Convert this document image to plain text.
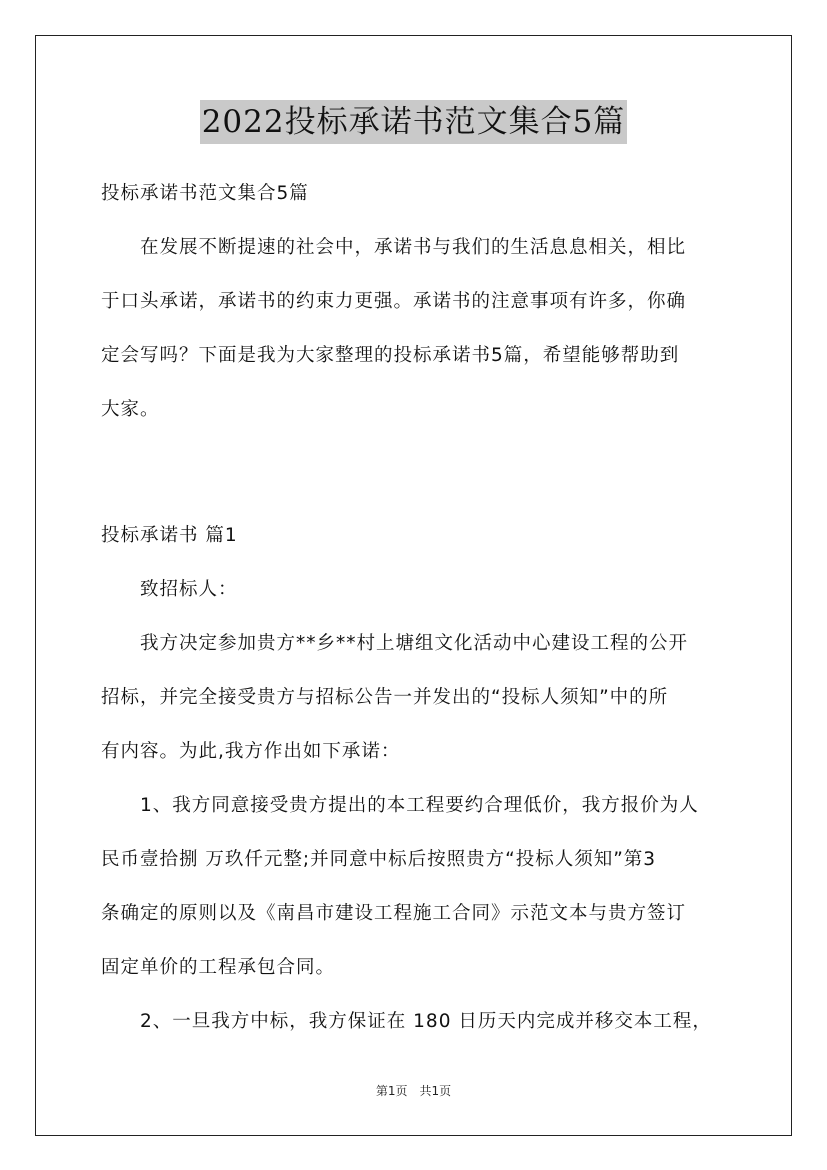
2022投标承诺书范文集合5篇
投标承诺书范文集合5篇
　　在发展不断提速的社会中，承诺书与我们的生活息息相关，相比
于口头承诺，承诺书的约束力更强。承诺书的注意事项有许多，你确
定会写吗？下面是我为大家整理的投标承诺书5篇，希望能够帮助到
大家。
投标承诺书 篇1
　　致招标人：
　　我方决定参加贵方**乡**村上塘组文化活动中心建设工程的公开
招标，并完全接受贵方与招标公告一并发出的“投标人须知”中的所
有内容。为此,我方作出如下承诺：
　　1、我方同意接受贵方提出的本工程要约合理低价，我方报价为人
民币壹拾捌 万玖仟元整;并同意中标后按照贵方“投标人须知”第3
条确定的原则以及《南昌市建设工程施工合同》示范文本与贵方签订
固定单价的工程承包合同。
　　2、一旦我方中标，我方保证在 180 日历天内完成并移交本工程，
第1页　共1页
